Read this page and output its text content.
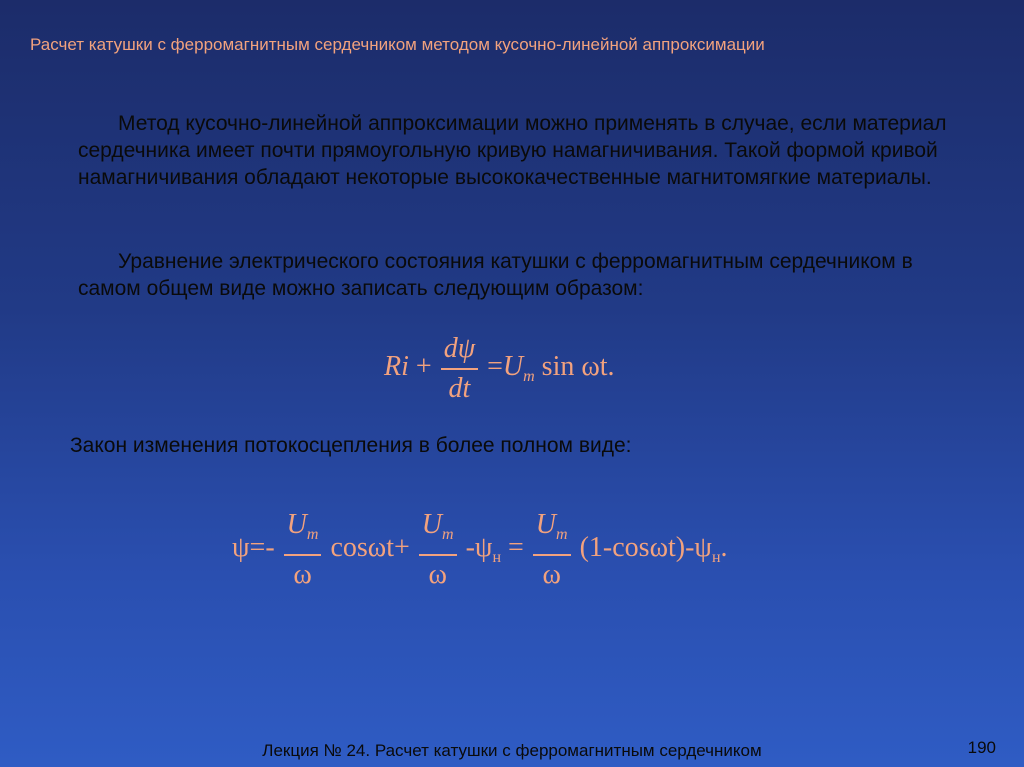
Расчет катушки с ферромагнитным сердечником методом кусочно-линейной аппроксимации
Метод кусочно-линейной аппроксимации можно применять в случае, если материал сердечника имеет почти прямоугольную кривую намагничивания. Такой формой кривой намагничивания обладают некоторые высококачественные магнитомягкие материалы.
Уравнение электрического состояния катушки с ферромагнитным сердечником в самом общем виде можно записать следующим образом:
$Ri + \frac{d\psi}{dt} =U_m$ sin ωt.
Закон изменения потокосцепления в более полном виде:
$\psi=- \frac{U_m}{\omega} \cos\omega t+ \frac{U_m}{\omega} -\psi_н = \frac{U_m}{\omega} (1-\cos\omega t)-\psi_н$.
Лекция № 24. Расчет катушки с ферромагнитным сердечником	190
